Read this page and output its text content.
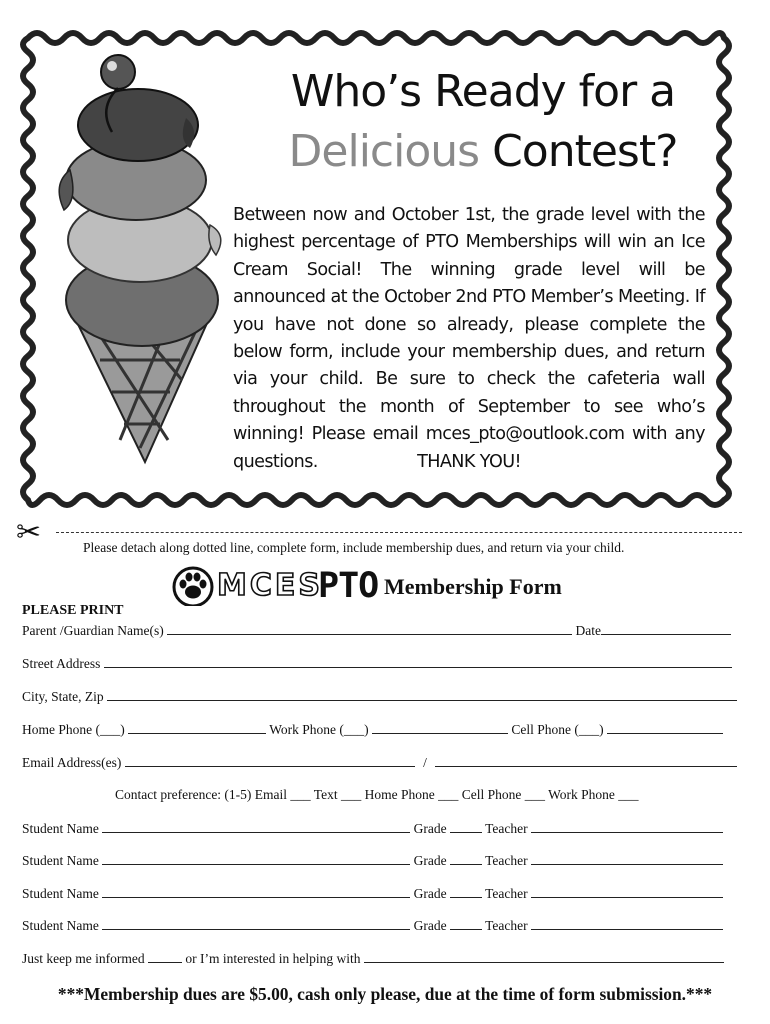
Who’s Ready for a
Delicious Contest?
Between now and October 1st, the grade level with the highest percentage of PTO Memberships will win an Ice Cream Social! The winning grade level will be announced at the October 2nd PTO Member’s Meeting. If you have not done so already, please complete the below form, include your membership dues, and return via your child. Be sure to check the cafeteria wall throughout the month of September to see who’s winning! Please email mces_pto@outlook.com with any questions.	THANK YOU!
✂	Please detach along dotted line, complete form, include membership dues, and return via your child.
MCES
PTO Membership Form
PLEASE PRINT
Parent /Guardian Name(s)	Date
Street Address
City, State, Zip
Home Phone (___)	Work Phone (___)	Cell Phone (___)
Email Address(es)	/
Contact preference: (1-5) Email ___ Text ___ Home Phone ___ Cell Phone ___ Work Phone ___
Student Name	Grade	Teacher
Student Name	Grade	Teacher
Student Name	Grade	Teacher
Student Name	Grade	Teacher
Just keep me informed	or I’m interested in helping with
***Membership dues are $5.00, cash only please, due at the time of form submission.***
